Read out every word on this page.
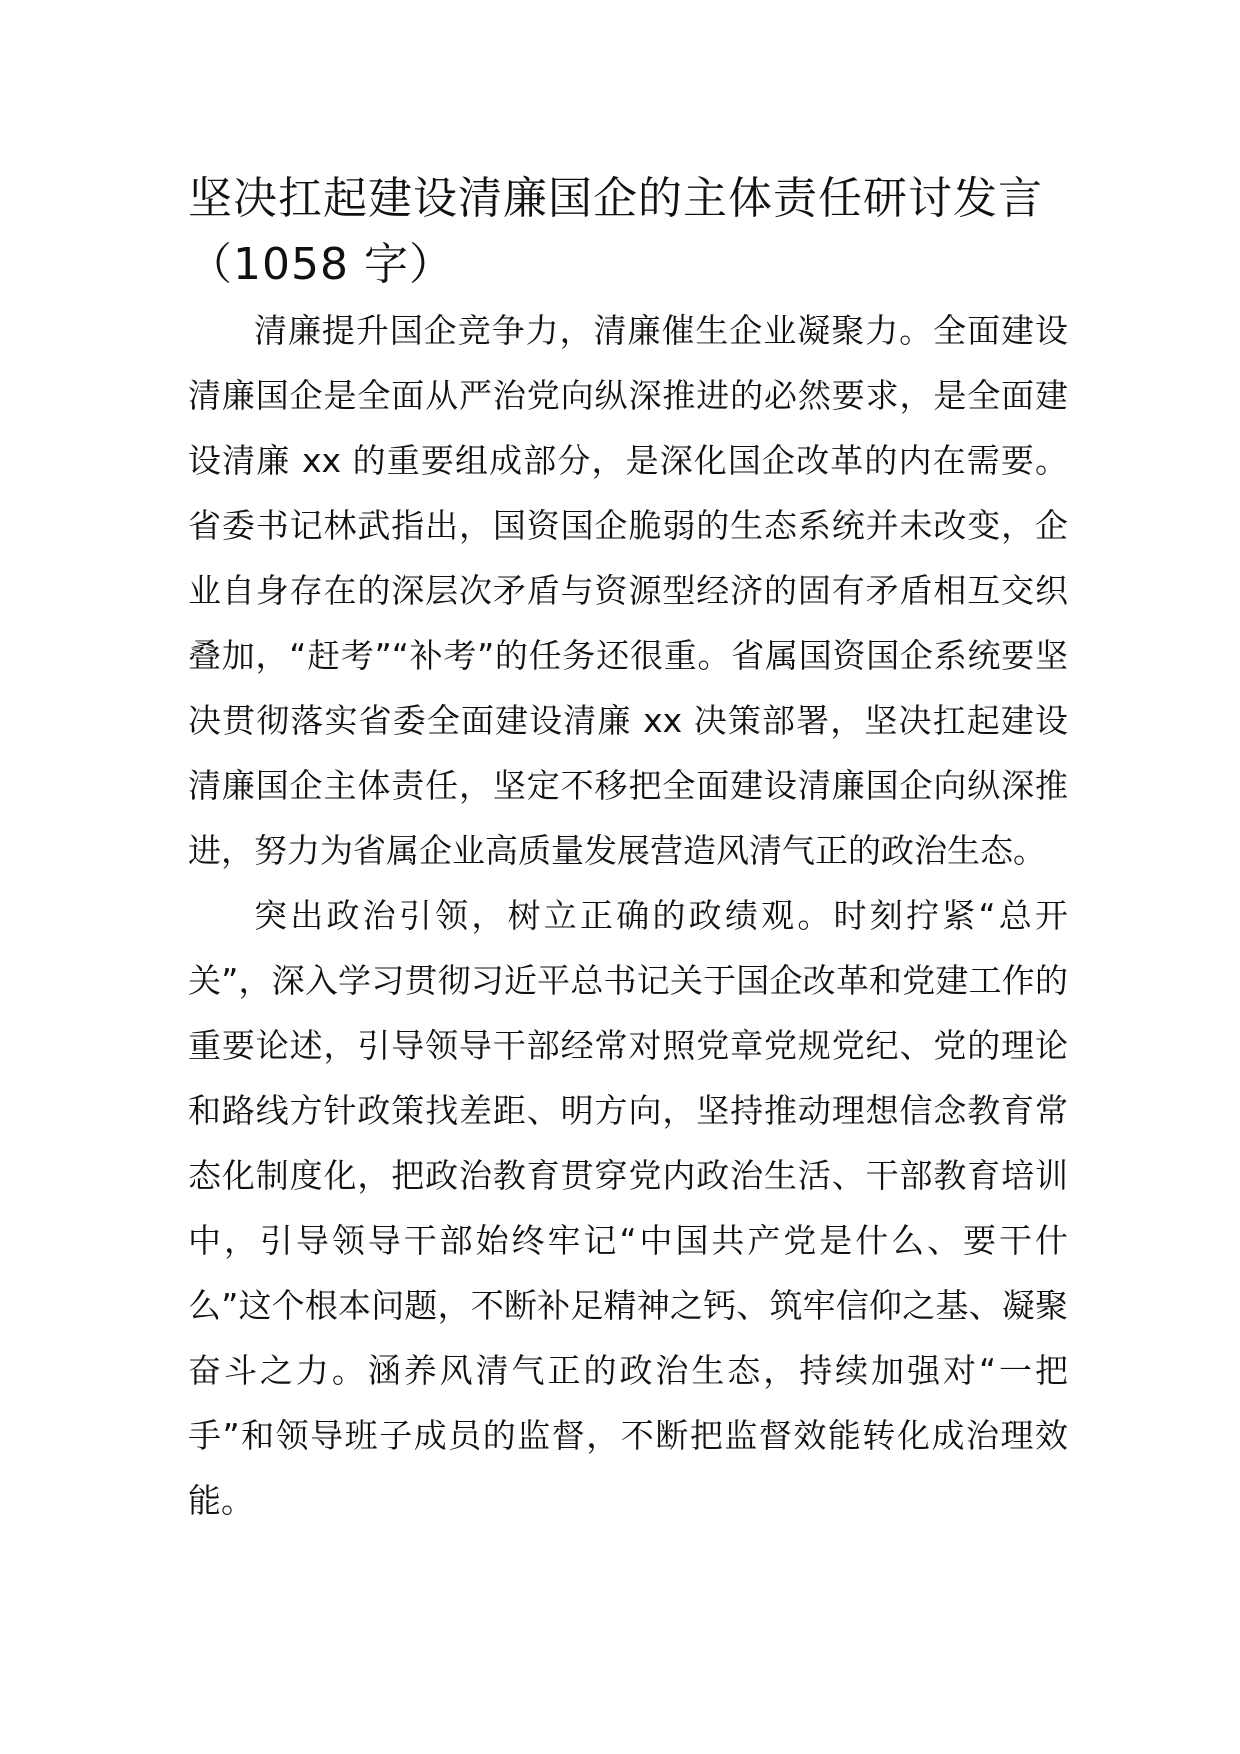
坚决扛起建设清廉国企的主体责任研讨发言（1058 字）

清廉提升国企竞争力，清廉催生企业凝聚力。全面建设清廉国企是全面从严治党向纵深推进的必然要求，是全面建设清廉 xx 的重要组成部分，是深化国企改革的内在需要。省委书记林武指出，国资国企脆弱的生态系统并未改变，企业自身存在的深层次矛盾与资源型经济的固有矛盾相互交织叠加，“赶考”“补考”的任务还很重。省属国资国企系统要坚决贯彻落实省委全面建设清廉 xx 决策部署，坚决扛起建设清廉国企主体责任，坚定不移把全面建设清廉国企向纵深推进，努力为省属企业高质量发展营造风清气正的政治生态。

突出政治引领，树立正确的政绩观。时刻拧紧“总开关”，深入学习贯彻习近平总书记关于国企改革和党建工作的重要论述，引导领导干部经常对照党章党规党纪、党的理论和路线方针政策找差距、明方向，坚持推动理想信念教育常态化制度化，把政治教育贯穿党内政治生活、干部教育培训中，引导领导干部始终牢记“中国共产党是什么、要干什么”这个根本问题，不断补足精神之钙、筑牢信仰之基、凝聚奋斗之力。涵养风清气正的政治生态，持续加强对“一把手”和领导班子成员的监督，不断把监督效能转化成治理效能。
